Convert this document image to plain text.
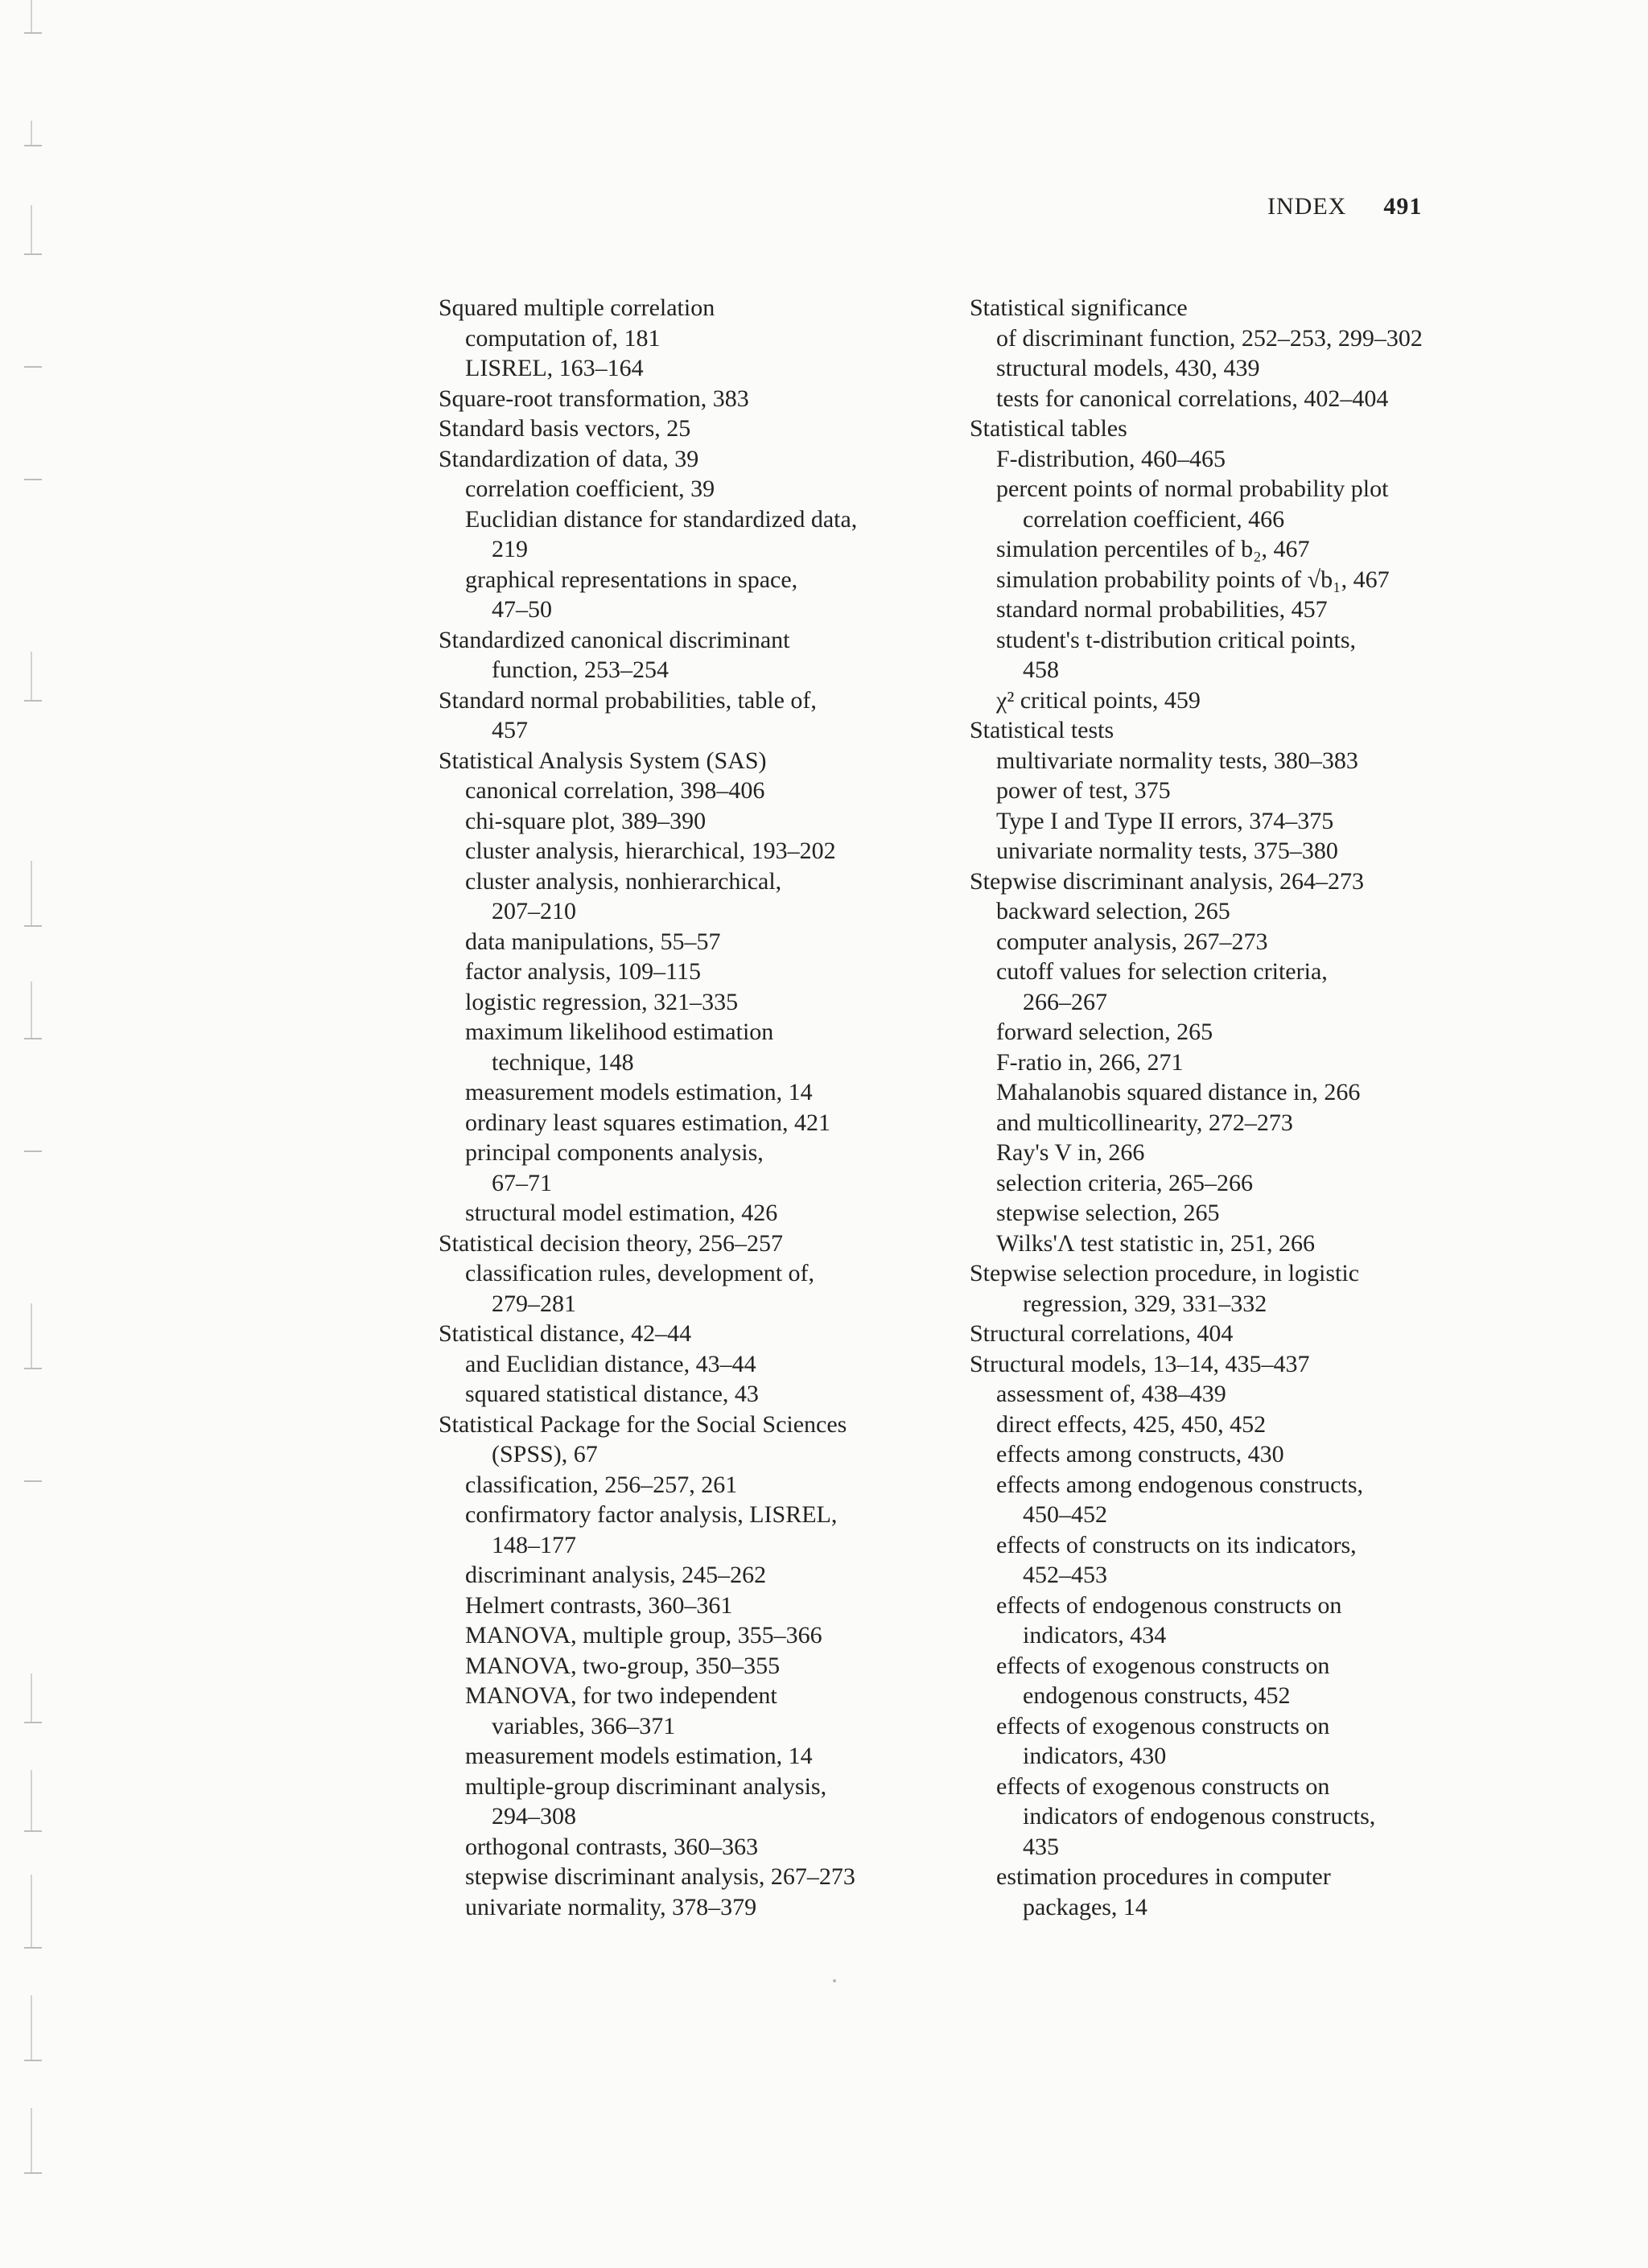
INDEX 491
Squared multiple correlation
computation of, 181
LISREL, 163–164
Square-root transformation, 383
Standard basis vectors, 25
Standardization of data, 39
correlation coefficient, 39
Euclidian distance for standardized data,
219
graphical representations in space,
47–50
Standardized canonical discriminant
function, 253–254
Standard normal probabilities, table of,
457
Statistical Analysis System (SAS)
canonical correlation, 398–406
chi-square plot, 389–390
cluster analysis, hierarchical, 193–202
cluster analysis, nonhierarchical,
207–210
data manipulations, 55–57
factor analysis, 109–115
logistic regression, 321–335
maximum likelihood estimation
technique, 148
measurement models estimation, 14
ordinary least squares estimation, 421
principal components analysis,
67–71
structural model estimation, 426
Statistical decision theory, 256–257
classification rules, development of,
279–281
Statistical distance, 42–44
and Euclidian distance, 43–44
squared statistical distance, 43
Statistical Package for the Social Sciences
(SPSS), 67
classification, 256–257, 261
confirmatory factor analysis, LISREL,
148–177
discriminant analysis, 245–262
Helmert contrasts, 360–361
MANOVA, multiple group, 355–366
MANOVA, two-group, 350–355
MANOVA, for two independent
variables, 366–371
measurement models estimation, 14
multiple-group discriminant analysis,
294–308
orthogonal contrasts, 360–363
stepwise discriminant analysis, 267–273
univariate normality, 378–379
Statistical significance
of discriminant function, 252–253, 299–302
structural models, 430, 439
tests for canonical correlations, 402–404
Statistical tables
F-distribution, 460–465
percent points of normal probability plot
correlation coefficient, 466
simulation percentiles of b₂, 467
simulation probability points of √b₁, 467
standard normal probabilities, 457
student's t-distribution critical points,
458
χ² critical points, 459
Statistical tests
multivariate normality tests, 380–383
power of test, 375
Type I and Type II errors, 374–375
univariate normality tests, 375–380
Stepwise discriminant analysis, 264–273
backward selection, 265
computer analysis, 267–273
cutoff values for selection criteria,
266–267
forward selection, 265
F-ratio in, 266, 271
Mahalanobis squared distance in, 266
and multicollinearity, 272–273
Ray's V in, 266
selection criteria, 265–266
stepwise selection, 265
Wilks'Λ test statistic in, 251, 266
Stepwise selection procedure, in logistic
regression, 329, 331–332
Structural correlations, 404
Structural models, 13–14, 435–437
assessment of, 438–439
direct effects, 425, 450, 452
effects among constructs, 430
effects among endogenous constructs,
450–452
effects of constructs on its indicators,
452–453
effects of endogenous constructs on
indicators, 434
effects of exogenous constructs on
endogenous constructs, 452
effects of exogenous constructs on
indicators, 430
effects of exogenous constructs on
indicators of endogenous constructs,
435
estimation procedures in computer
packages, 14
